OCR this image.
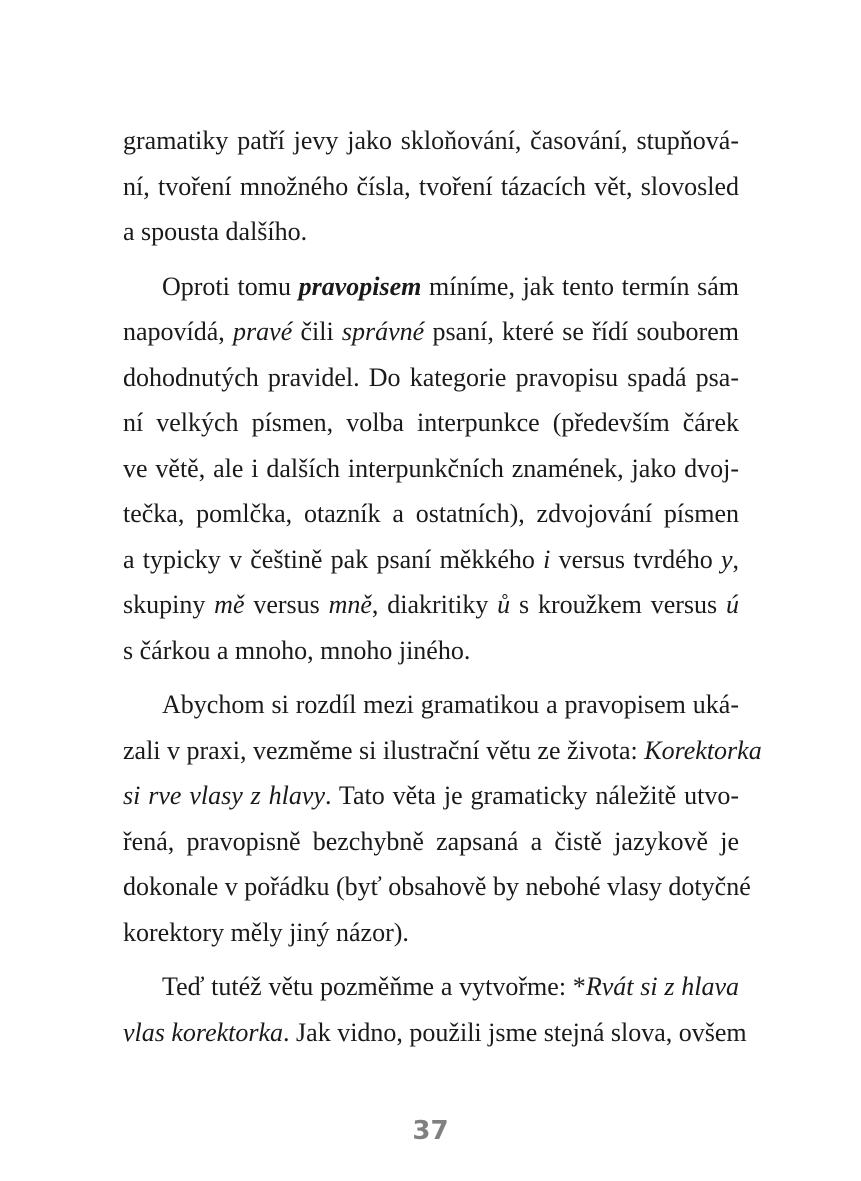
gramatiky patří jevy jako skloňování, časování, stupňová-
ní, tvoření množného čísla, tvoření tázacích vět, slovosled
a spousta dalšího.
Oproti tomu pravopisem míníme, jak tento termín sám
napovídá, pravé čili správné psaní, které se řídí souborem
dohodnutých pravidel. Do kategorie pravopisu spadá psa-
ní velkých písmen, volba interpunkce (především čárek
ve větě, ale i dalších interpunkčních znamének, jako dvoj-
tečka, pomlčka, otazník a ostatních), zdvojování písmen
a typicky v češtině pak psaní měkkého i versus tvrdého y,
skupiny mě versus mně, diakritiky ů s kroužkem versus ú
s čárkou a mnoho, mnoho jiného.
Abychom si rozdíl mezi gramatikou a pravopisem uká-
zali v praxi, vezměme si ilustrační větu ze života: Korektorka
si rve vlasy z hlavy. Tato věta je gramaticky náležitě utvo-
řená, pravopisně bezchybně zapsaná a čistě jazykově je
dokonale v pořádku (byť obsahově by nebohé vlasy dotyčné
korektory měly jiný názor).
Teď tutéž větu pozměňme a vytvořme: *Rvát si z hlava
vlas korektorka. Jak vidno, použili jsme stejná slova, ovšem
37
